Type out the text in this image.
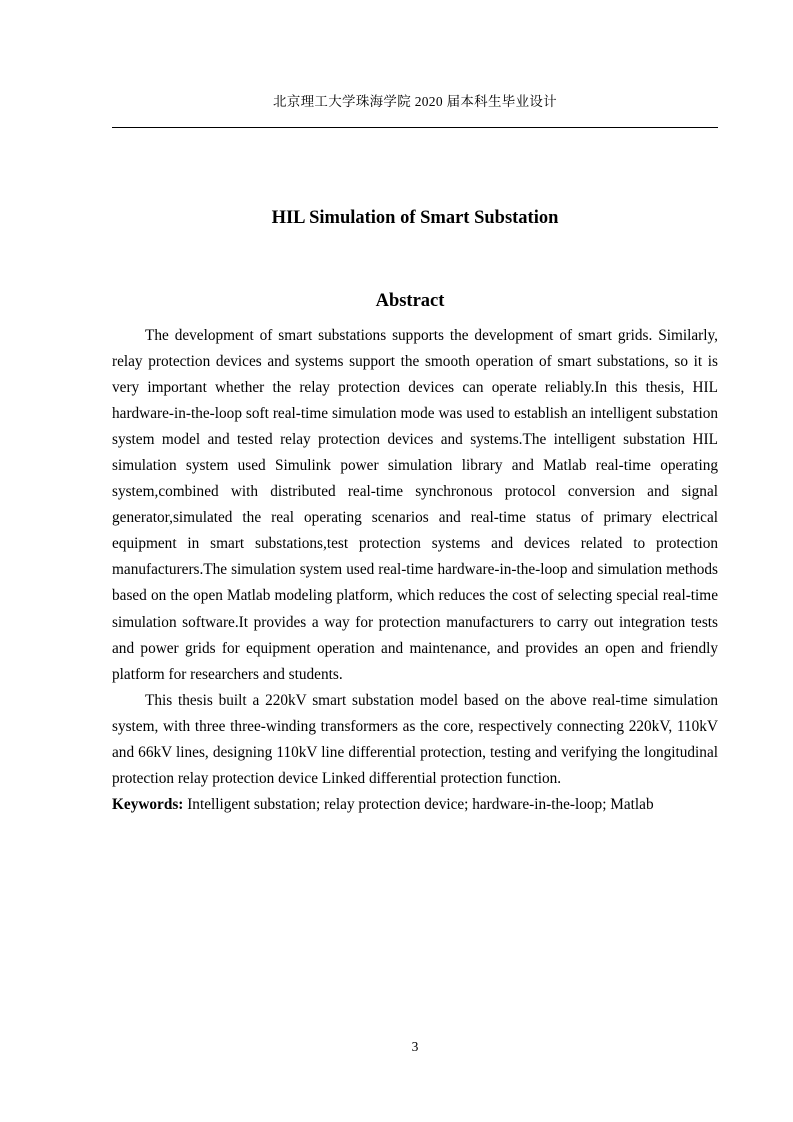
北京理工大学珠海学院 2020 届本科生毕业设计
HIL Simulation of Smart Substation
Abstract

The development of smart substations supports the development of smart grids. Similarly, relay protection devices and systems support the smooth operation of smart substations, so it is very important whether the relay protection devices can operate reliably.In this thesis, HIL hardware-in-the-loop soft real-time simulation mode was used to establish an intelligent substation system model and tested relay protection devices and systems.The intelligent substation HIL simulation system used Simulink power simulation library and Matlab real-time operating system,combined with distributed real-time synchronous protocol conversion and signal generator,simulated the real operating scenarios and real-time status of primary electrical equipment in smart substations,test protection systems and devices related to protection manufacturers.The simulation system used real-time hardware-in-the-loop and simulation methods based on the open Matlab modeling platform, which reduces the cost of selecting special real-time simulation software.It provides a way for protection manufacturers to carry out integration tests and power grids for equipment operation and maintenance, and provides an open and friendly platform for researchers and students.

This thesis built a 220kV smart substation model based on the above real-time simulation system, with three three-winding transformers as the core, respectively connecting 220kV, 110kV and 66kV lines, designing 110kV line differential protection, testing and verifying the longitudinal protection relay protection device Linked differential protection function.

Keywords: Intelligent substation; relay protection device; hardware-in-the-loop; Matlab

3
